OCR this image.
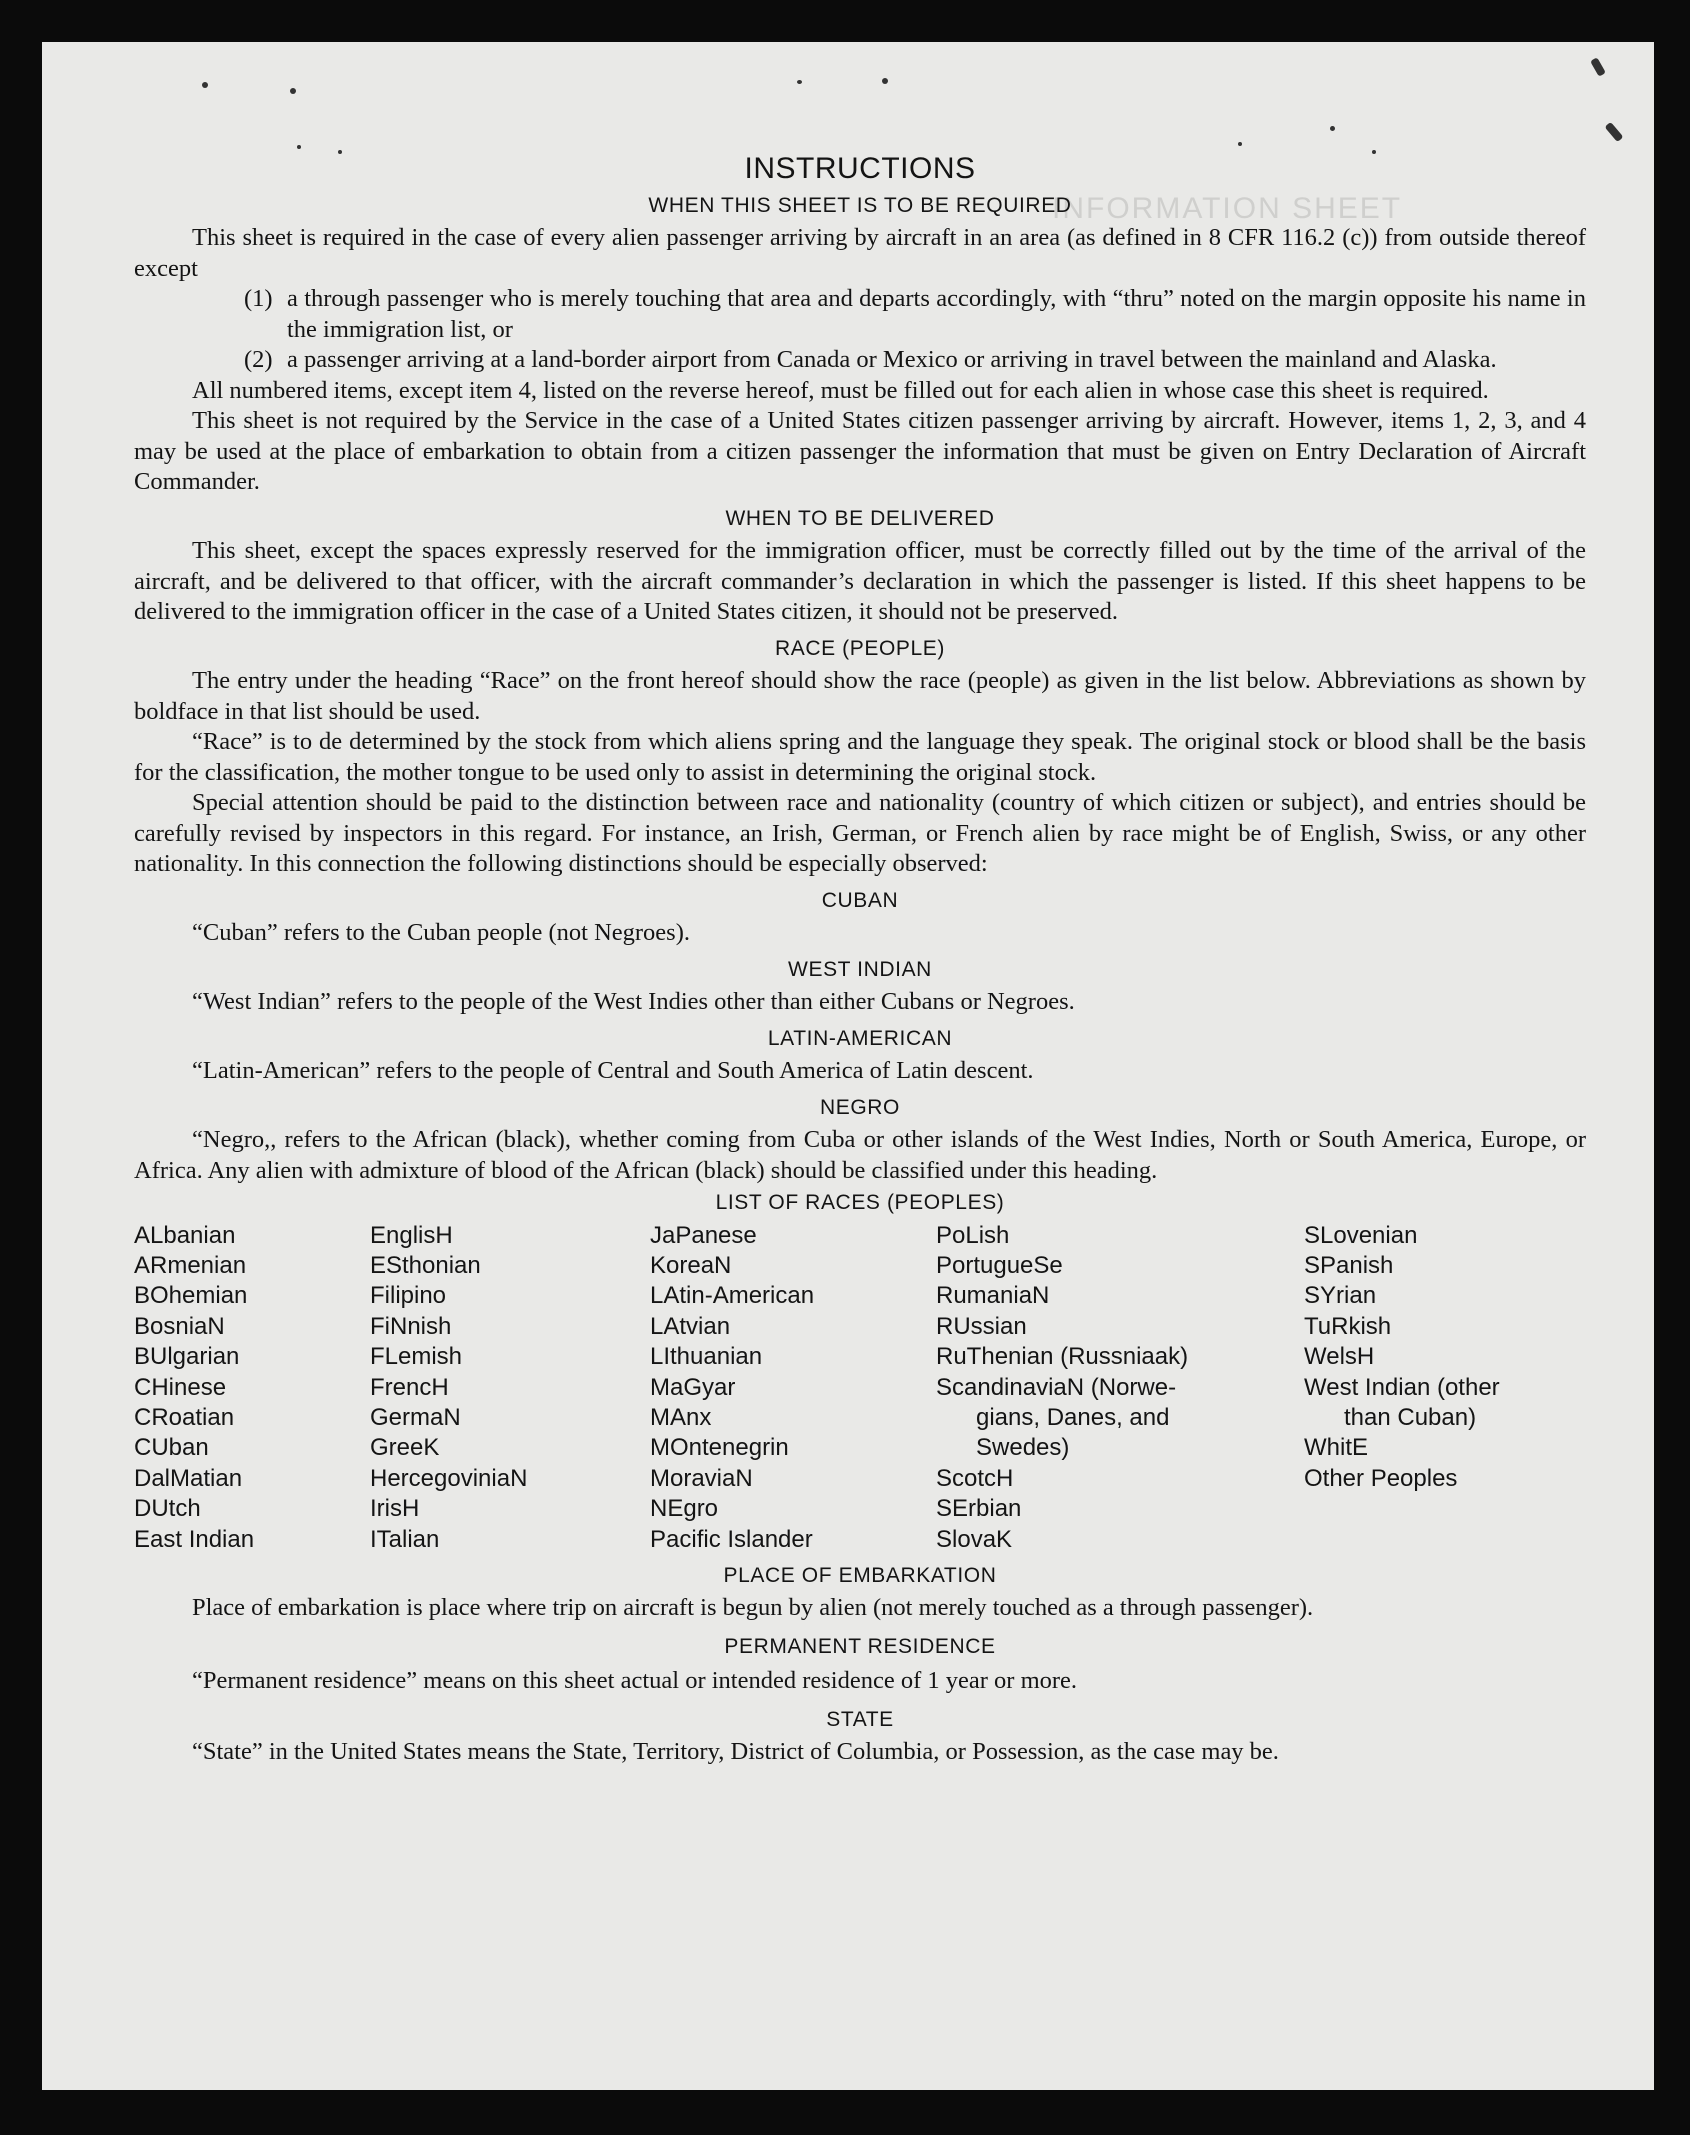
INFORMATION SHEET
INSTRUCTIONS
WHEN THIS SHEET IS TO BE REQUIRED

This sheet is required in the case of every alien passenger arriving by aircraft in an area (as defined in 8 CFR 116.2 (c)) from outside thereof except

(1) a through passenger who is merely touching that area and departs accordingly, with “thru” noted on the margin opposite his name in the immigration list, or
(2) a passenger arriving at a land-border airport from Canada or Mexico or arriving in travel between the mainland and Alaska.

All numbered items, except item 4, listed on the reverse hereof, must be filled out for each alien in whose case this sheet is required.

This sheet is not required by the Service in the case of a United States citizen passenger arriving by aircraft. However, items 1, 2, 3, and 4 may be used at the place of embarkation to obtain from a citizen passenger the information that must be given on Entry Declaration of Aircraft Commander.

WHEN TO BE DELIVERED

This sheet, except the spaces expressly reserved for the immigration officer, must be correctly filled out by the time of the arrival of the aircraft, and be delivered to that officer, with the aircraft commander’s declaration in which the passenger is listed. If this sheet happens to be delivered to the immigration officer in the case of a United States citizen, it should not be preserved.

RACE (PEOPLE)

The entry under the heading “Race” on the front hereof should show the race (people) as given in the list below. Abbreviations as shown by boldface in that list should be used.

“Race” is to de determined by the stock from which aliens spring and the language they speak. The original stock or blood shall be the basis for the classification, the mother tongue to be used only to assist in determining the original stock.

Special attention should be paid to the distinction between race and nationality (country of which citizen or subject), and entries should be carefully revised by inspectors in this regard. For instance, an Irish, German, or French alien by race might be of English, Swiss, or any other nationality. In this connection the following distinctions should be especially observed:

CUBAN

“Cuban” refers to the Cuban people (not Negroes).

WEST INDIAN

“West Indian” refers to the people of the West Indies other than either Cubans or Negroes.

LATIN-AMERICAN

“Latin-American” refers to the people of Central and South America of Latin descent.

NEGRO

“Negro,, refers to the African (black), whether coming from Cuba or other islands of the West Indies, North or South America, Europe, or Africa. Any alien with admixture of blood of the African (black) should be classified under this heading.

LIST OF RACES (PEOPLES)
ALbanian
ARmenian
BOhemian
BosniaN
BUlgarian
CHinese
CRoatian
CUban
DalMatian
DUtch
East Indian
EnglisH
ESthonian
Filipino
FiNnish
FLemish
FrencH
GermaN
GreeK
HercegoviniaN
IrisH
ITalian
JaPanese
KoreaN
LAtin-American
LAtvian
LIthuanian
MaGyar
MAnx
MOntenegrin
MoraviaN
NEgro
Pacific Islander
PoLish
PortugueSe
RumaniaN
RUssian
RuThenian (Russniaak)
ScandinaviaN (Norwe-
gians, Danes, and
Swedes)
ScotcH
SErbian
SlovaK
SLovenian
SPanish
SYrian
TuRkish
WelsH
West Indian (other
than Cuban)
WhitE
Other Peoples
PLACE OF EMBARKATION

Place of embarkation is place where trip on aircraft is begun by alien (not merely touched as a through passenger).

PERMANENT RESIDENCE

“Permanent residence” means on this sheet actual or intended residence of 1 year or more.

STATE

“State” in the United States means the State, Territory, District of Columbia, or Possession, as the case may be.
